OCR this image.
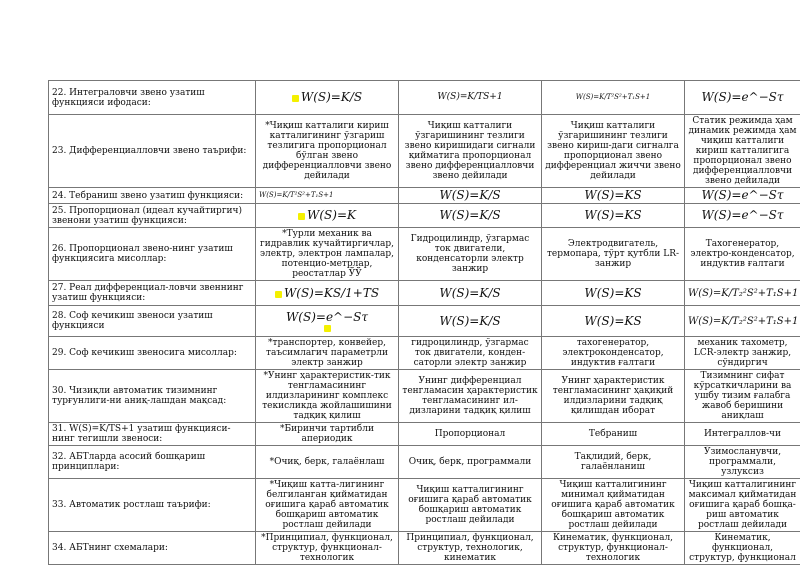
22. Интеграловчи звено узатиш функцияси ифодаси:	W(S)=K/S	W(S)=K/TS+1	W(S)=K/T²S²+T₁S+1	W(S)=e^−Sτ
23. Дифференциалловчи звено таърифи:	*Чиқиш катталиги кириш катталигининг ўзгариш тезлигига пропорционал бўлган звено дифференциалловчи звено дейилади	Чиқиш катталиги ўзгаришининг тезлиги звено киришидаги сигнали қийматига пропорционал звено дифференциалловчи звено дейилади	Чиқиш катталиги ўзгаришининг тезлиги звено кириш-даги сигналга пропорционал звено дифференциал жиччи звено дейилади	Статик режимда ҳам динамик режимда ҳам чиқиш катталиги кириш катталигига пропорционал звено дифференциалловчи звено дейилади
24. Тебраниш звено узатиш функцияси:	W(S)=K/T²S²+T₁S+1	W(S)=K/S	W(S)=KS	W(S)=e^−Sτ
25. Пропорционал (идеал кучайтиргич) звенони узатиш функцияси:	W(S)=K	W(S)=K/S	W(S)=KS	W(S)=e^−Sτ
26. Пропорционал звено-нинг узатиш функциясига мисоллар:	*Турли механик ва гидравлик кучайтиргичлар, электр, электрон лампалар, потенцио-метрлар, реостатлар ЎЎ	Гидроцилиндр, ўзгармас ток двигатели, конденсаторли электр занжир	Электродвигатель, термопара, тўрт қутбли LR-занжир	Тахогенератор, электро-конденсатор, индуктив ғалтаги
27. Реал дифференциал-ловчи звеннинг узатиш функцияси:	W(S)=KS/1+TS	W(S)=K/S	W(S)=KS	W(S)=K/T₂²S²+T₁S+1
28. Соф кечикиш звеноси узатиш функцияси	W(S)=e^−Sτ	W(S)=K/S	W(S)=KS	W(S)=K/T₂²S²+T₁S+1
29. Соф кечикиш звеносига мисоллар:	*транспортер, конвейер, таъсимлагич параметрли электр занжир	гидроцилиндр, ўзгармас ток двигатели, конден-саторли электр занжир	тахогенератор, электроконденсатор, индуктив ғалтаги	механик тахометр, LCR-электр занжир, сўндиргич
30. Чизиқли автоматик тизимнинг турғунлиги-ни аниқ-лашдан мақсад:	*Унинг ҳарактеристик-тик тенгламасининг илдизларининг комплекс текисликда жойлашишини тадқиқ қилиш	Унинг дифференциал тенгламасин ҳарактеристик тенгламасининг ил-дизларини тадқиқ қилиш	Унинг ҳарактеристик тенгламасининг ҳақиқий илдизларини тадқиқ қилишдан иборат	Тизимнинг сифат кўрсаткичларини ва ушбу тизим ғалабга жавоб беришини аниқлаш
31. W(S)=K/TS+1 узатиш функцияси-нинг тегишли звеноси:	*Биринчи тартибли апериодик	Пропорционал	Тебраниш	Интеграллов-чи
32. АБТларда асосий бошқариш принциплари:	*Очиқ, берк, галаёнлаш	Очиқ, берк, программали	Тақлидий, берк, галаёнланиш	Ўзимосланувчи, программали, узлуксиз
33. Автоматик ростлаш таърифи:	*Чиқиш катта-лигининг белгиланган қийматидан оғишига қараб автоматик бошқариш автоматик ростлаш дейилади	Чиқиш катталигининг оғишига қараб автоматик бошқариш автоматик ростлаш дейилади	Чиқиш катталигининг минимал қийматидан оғишига қараб автоматик бошқариш автоматик ростлаш дейилади	Чиқиш катталигининг максимал қийматидан оғишига қараб бошқа-риш автоматик ростлаш дейилади
34. АБТнинг схемалари:	*Принципиал, функционал, структур, функционал-технологик	Принципиал, функционал, структур, технологик, кинематик	Кинематик, функционал, структур, функционал-технологик	Кинематик, функционал, структур, функционал
